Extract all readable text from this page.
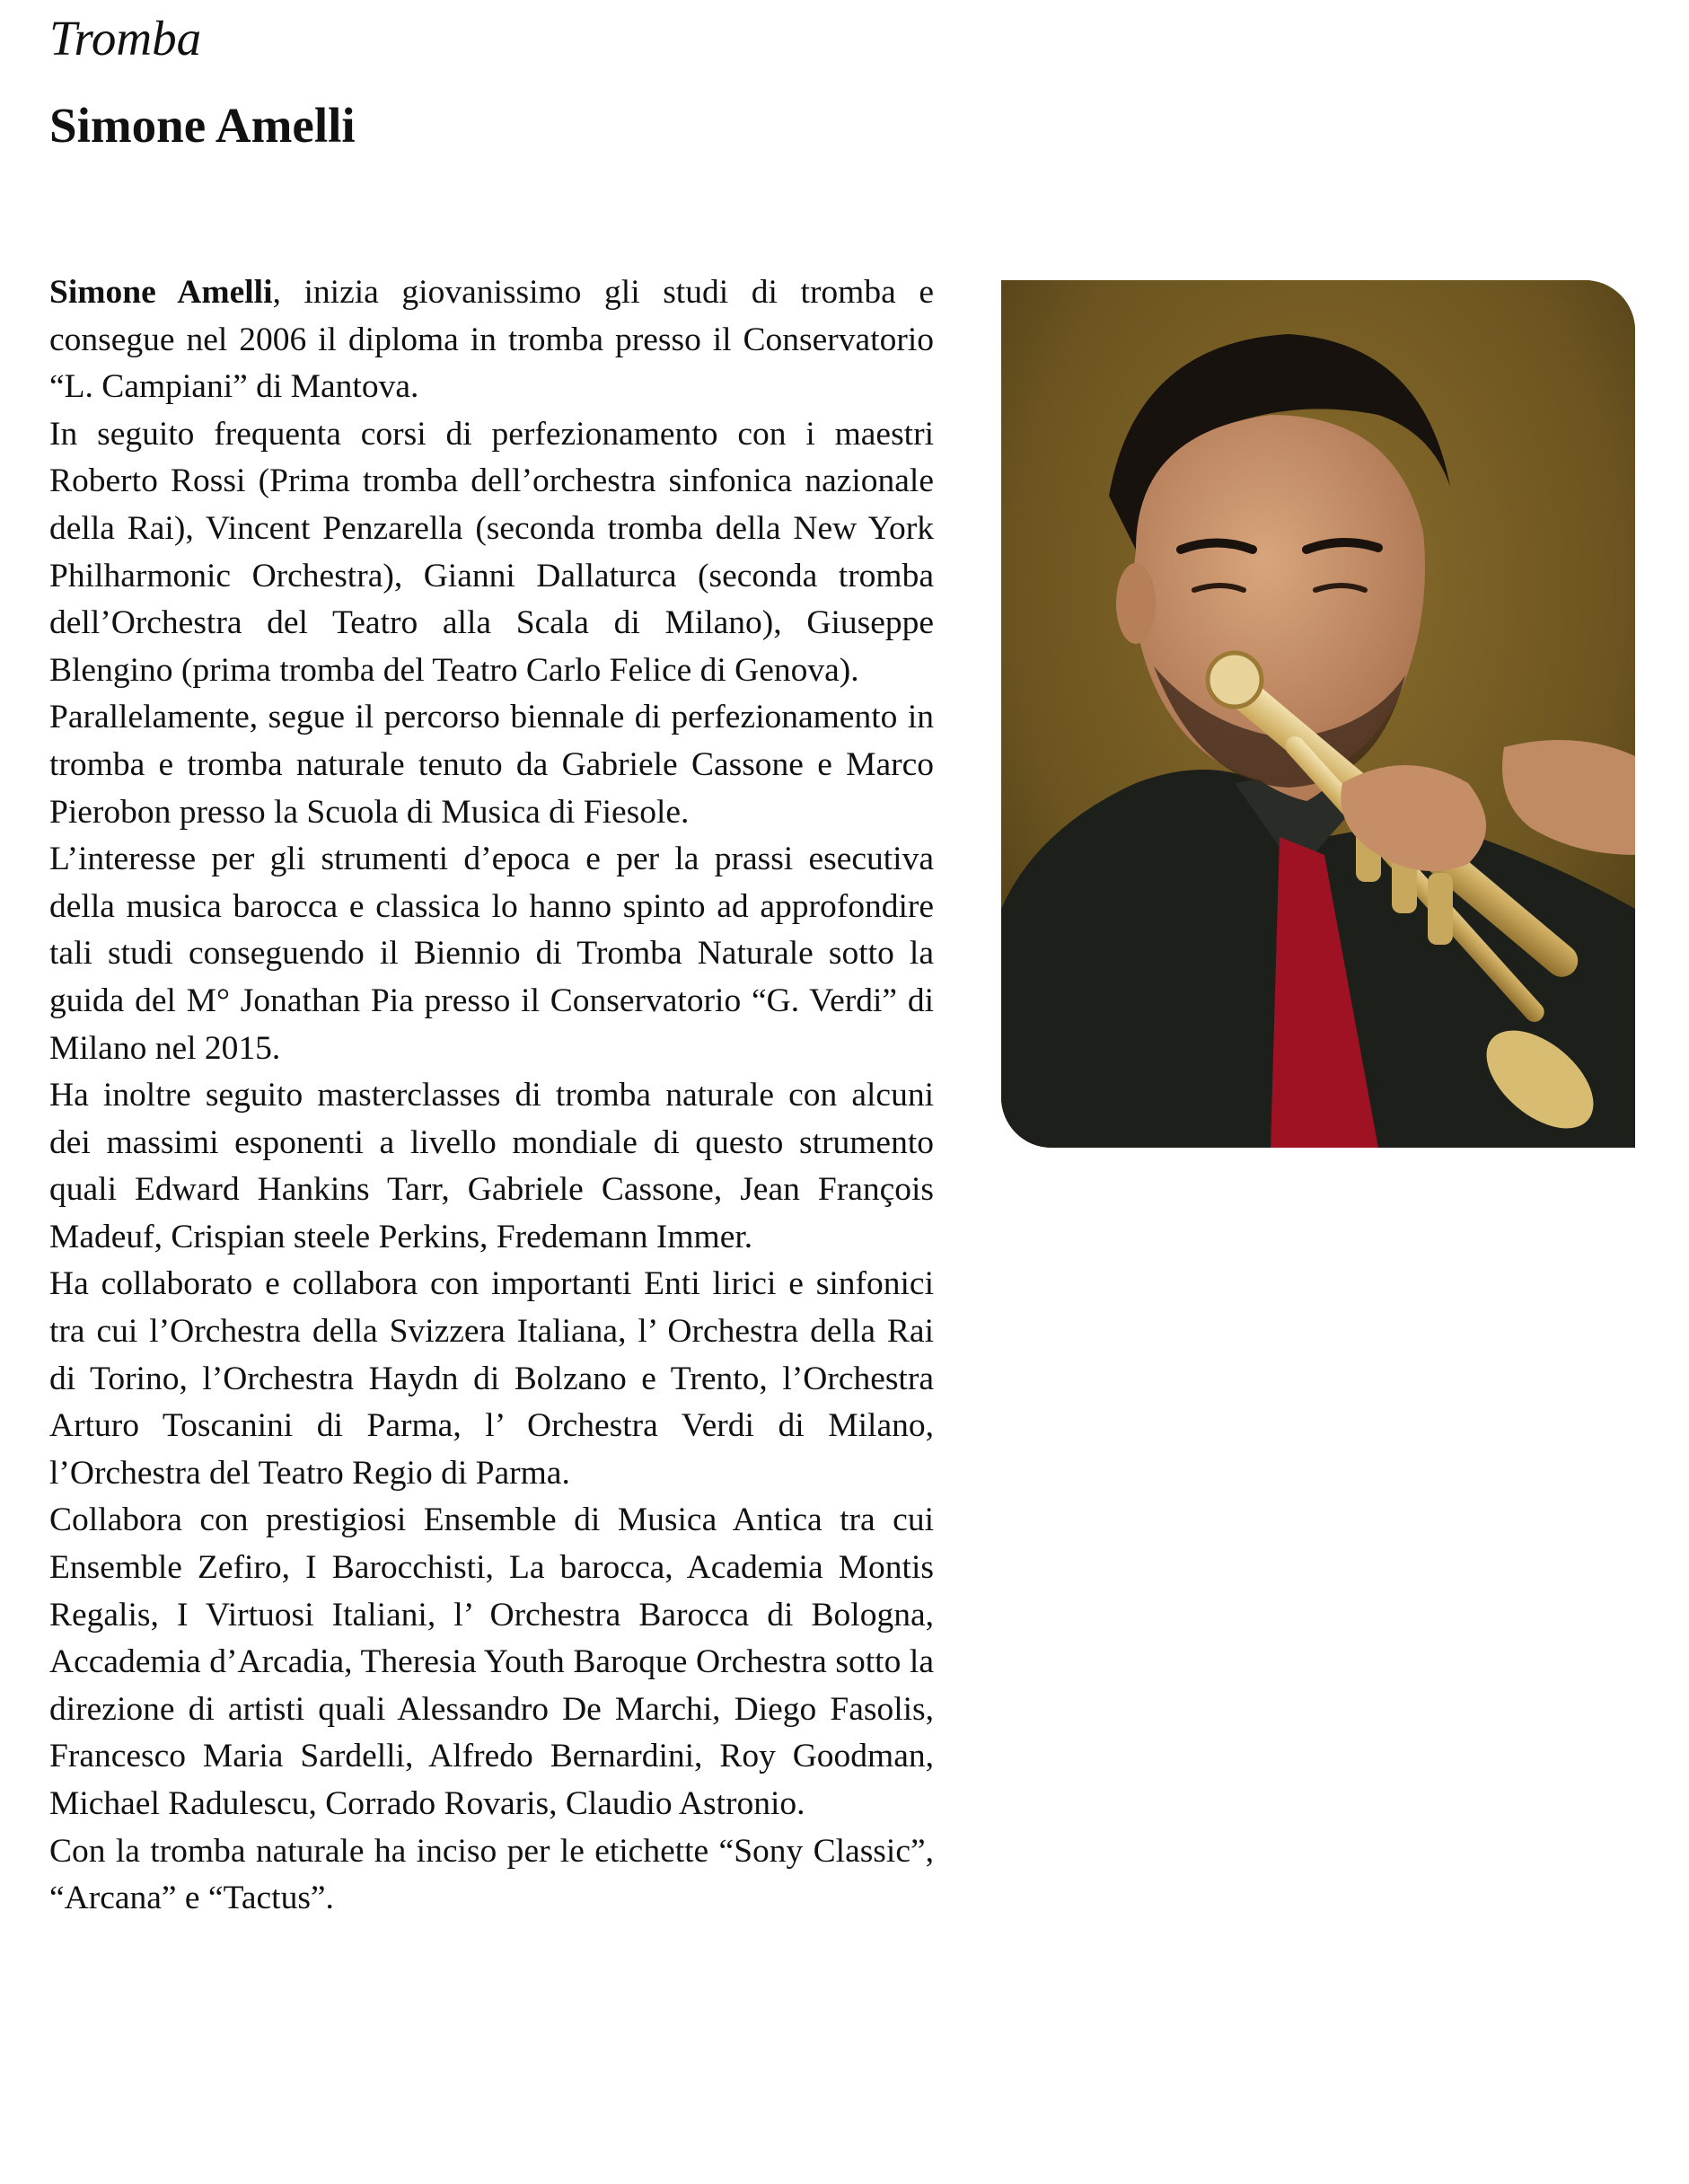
Tromba
Simone Amelli

Simone Amelli, inizia giovanissimo gli studi di tromba e consegue nel 2006 il diploma in tromba presso il Conservatorio “L. Campiani” di Mantova.

In seguito frequenta corsi di perfezionamento con i maestri Roberto Rossi (Prima tromba dell’orchestra sinfonica nazionale della Rai), Vincent Penzarella (seconda tromba della New York Philharmonic Orchestra), Gianni Dallaturca (seconda tromba dell’Orchestra del Teatro alla Scala di Milano), Giuseppe Blengino (prima tromba del Teatro Carlo Felice di Genova).

Parallelamente, segue il percorso biennale di perfezionamento in tromba e tromba naturale tenuto da Gabriele Cassone e Marco Pierobon presso la Scuola di Musica di Fiesole.

L’interesse per gli strumenti d’epoca e per la prassi esecutiva della musica barocca e classica lo hanno spinto ad approfondire tali studi conseguendo il Biennio di Tromba Naturale sotto la guida del M° Jonathan Pia presso il Conservatorio “G. Verdi” di Milano nel 2015.

Ha inoltre seguito masterclasses di tromba naturale con alcuni dei massimi esponenti a livello mondiale di questo strumento quali Edward Hankins Tarr, Gabriele Cassone, Jean François Madeuf, Crispian steele Perkins, Fredemann Immer.

Ha collaborato e collabora con importanti Enti lirici e sinfonici tra cui l’Orchestra della Svizzera Italiana, l’ Orchestra della Rai di Torino, l’Orchestra Haydn di Bolzano e Trento, l’Orchestra Arturo Toscanini di Parma, l’ Orchestra Verdi di Milano, l’Orchestra del Teatro Regio di Parma.

Collabora con prestigiosi Ensemble di Musica Antica tra cui Ensemble Zefiro, I Barocchisti, La barocca, Academia Montis Regalis, I Virtuosi Italiani, l’ Orchestra Barocca di Bologna, Accademia d’Arcadia, Theresia Youth Baroque Orchestra sotto la direzione di artisti quali Alessandro De Marchi, Diego Fasolis, Francesco Maria Sardelli, Alfredo Bernardini, Roy Goodman, Michael Radulescu, Corrado Rovaris, Claudio Astronio.

Con la tromba naturale ha inciso per le etichette “Sony Classic”, “Arcana” e “Tactus”.
